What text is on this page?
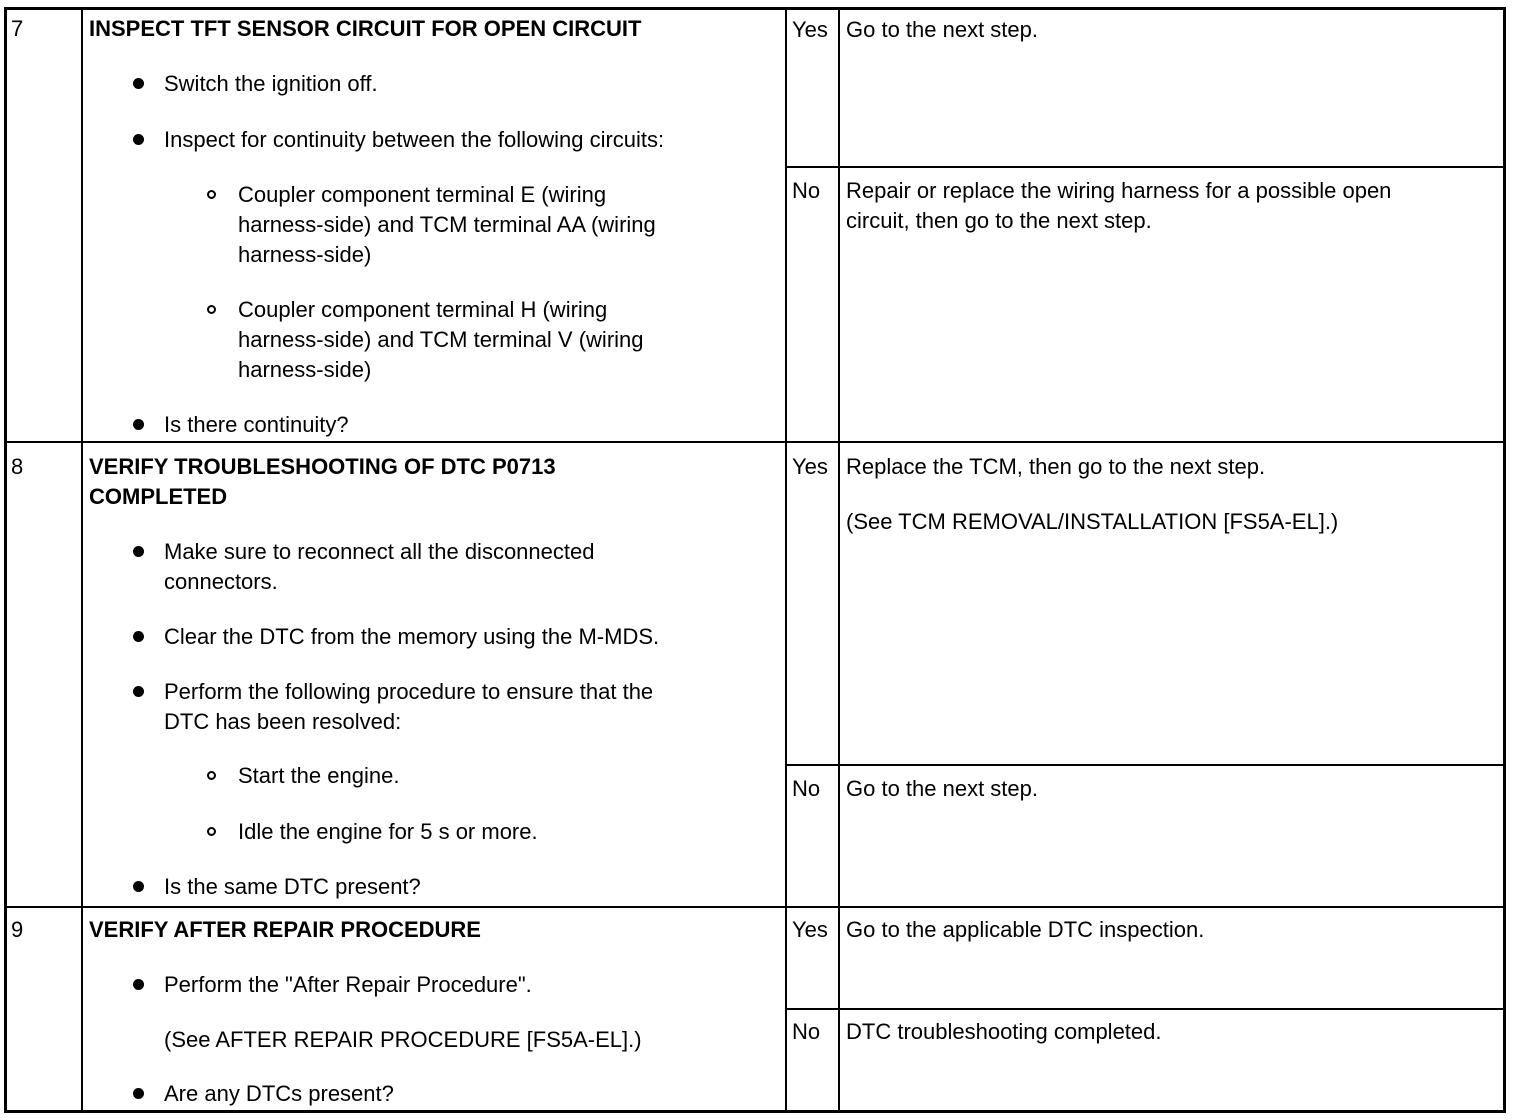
7	INSPECT TFT SENSOR CIRCUIT FOR OPEN CIRCUIT
Switch the ignition off.
Inspect for continuity between the following circuits:
Coupler component terminal E (wiring
harness-side) and TCM terminal AA (wiring
harness-side)
Coupler component terminal H (wiring
harness-side) and TCM terminal V (wiring
harness-side)
Is there continuity?
Yes Go to the next step.
No Repair or replace the wiring harness for a possible open
circuit, then go to the next step.
8	VERIFY TROUBLESHOOTING OF DTC P0713
COMPLETED
Make sure to reconnect all the disconnected
connectors.
Clear the DTC from the memory using the M-MDS.
Perform the following procedure to ensure that the
DTC has been resolved:
Start the engine.
Idle the engine for 5 s or more.
Is the same DTC present?
Yes Replace the TCM, then go to the next step.
(See TCM REMOVAL/INSTALLATION [FS5A-EL].)
No Go to the next step.
9	VERIFY AFTER REPAIR PROCEDURE
Perform the "After Repair Procedure".
(See AFTER REPAIR PROCEDURE [FS5A-EL].)
Are any DTCs present?
Yes Go to the applicable DTC inspection.
No DTC troubleshooting completed.
